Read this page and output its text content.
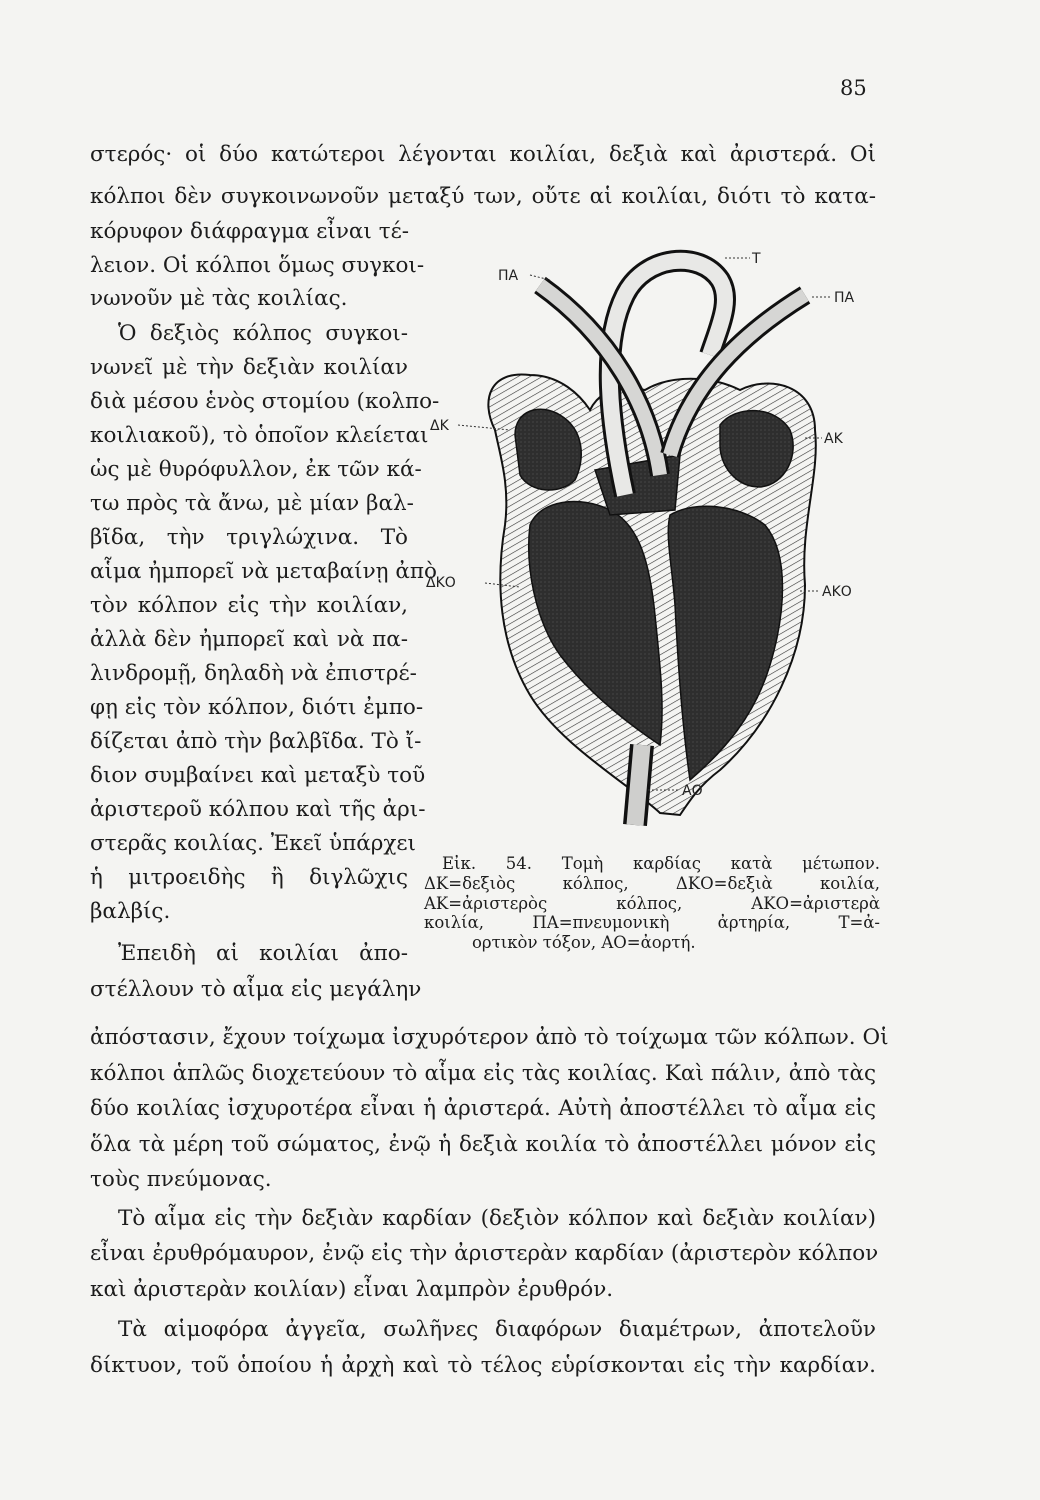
85
στερός· οἱ δύο κατώτεροι λέγονται κοιλίαι, δεξιὰ καὶ ἀριστερά. Οἱ
κόλποι δὲν συγκοινωνοῦν μεταξύ των, οὔτε αἱ κοιλίαι, διότι τὸ κατα-
κόρυφον διάφραγμα εἶναι τέ-
λειον. Οἱ κόλποι ὅμως συγκοι-
νωνοῦν μὲ τὰς κοιλίας.
Ὁ δεξιὸς κόλπος συγκοι-
νωνεῖ μὲ τὴν δεξιὰν κοιλίαν
διὰ μέσου ἑνὸς στομίου (κολπο-
κοιλιακοῦ), τὸ ὁποῖον κλείεται
ὡς μὲ θυρόφυλλον, ἐκ τῶν κά-
τω πρὸς τὰ ἄνω, μὲ μίαν βαλ-
βῖδα, τὴν τριγλώχινα. Τὸ
αἷμα ἠμπορεῖ νὰ μεταβαίνῃ ἀπὸ
τὸν κόλπον εἰς τὴν κοιλίαν,
ἀλλὰ δὲν ἠμπορεῖ καὶ νὰ πα-
λινδρομῇ, δηλαδὴ νὰ ἐπιστρέ-
φῃ εἰς τὸν κόλπον, διότι ἐμπο-
δίζεται ἀπὸ τὴν βαλβῖδα. Τὸ ἴ-
διον συμβαίνει καὶ μεταξὺ τοῦ
ἀριστεροῦ κόλπου καὶ τῆς ἀρι-
στερᾶς κοιλίας. Ἐκεῖ ὑπάρχει
ἡ μιτροειδὴς ἢ διγλῶχις
βαλβίς.
Ἐπειδὴ αἱ κοιλίαι ἀπο-
στέλλουν τὸ αἷμα εἰς μεγάλην
ΠΑ
Τ
ΠΑ
ΔΚ
ΑΚ
ΔΚΟ
ΑΚΟ
ΑΟ
Εἰκ. 54. Τομὴ καρδίας κατὰ μέτωπον.
ΔΚ=δεξιὸς κόλπος, ΔΚΟ=δεξιὰ κοιλία,
ΑΚ=ἀριστερὸς κόλπος, ΑΚΟ=ἀριστερὰ
κοιλία, ΠΑ=πνευμονικὴ ἀρτηρία, Τ=ἀ-
ορτικὸν τόξον, ΑΟ=ἀορτή.
ἀπόστασιν, ἔχουν τοίχωμα ἰσχυρότερον ἀπὸ τὸ τοίχωμα τῶν κόλπων. Οἱ
κόλποι ἁπλῶς διοχετεύουν τὸ αἷμα εἰς τὰς κοιλίας. Καὶ πάλιν, ἀπὸ τὰς
δύο κοιλίας ἰσχυροτέρα εἶναι ἡ ἀριστερά. Αὐτὴ ἀποστέλλει τὸ αἷμα εἰς
ὅλα τὰ μέρη τοῦ σώματος, ἐνῷ ἡ δεξιὰ κοιλία τὸ ἀποστέλλει μόνον εἰς
τοὺς πνεύμονας.
Τὸ αἷμα εἰς τὴν δεξιὰν καρδίαν (δεξιὸν κόλπον καὶ δεξιὰν κοιλίαν)
εἶναι ἐρυθρόμαυρον, ἐνῷ εἰς τὴν ἀριστερὰν καρδίαν (ἀριστερὸν κόλπον
καὶ ἀριστερὰν κοιλίαν) εἶναι λαμπρὸν ἐρυθρόν.
Τὰ αἱμοφόρα ἀγγεῖα, σωλῆνες διαφόρων διαμέτρων, ἀποτελοῦν
δίκτυον, τοῦ ὁποίου ἡ ἀρχὴ καὶ τὸ τέλος εὑρίσκονται εἰς τὴν καρδίαν.
